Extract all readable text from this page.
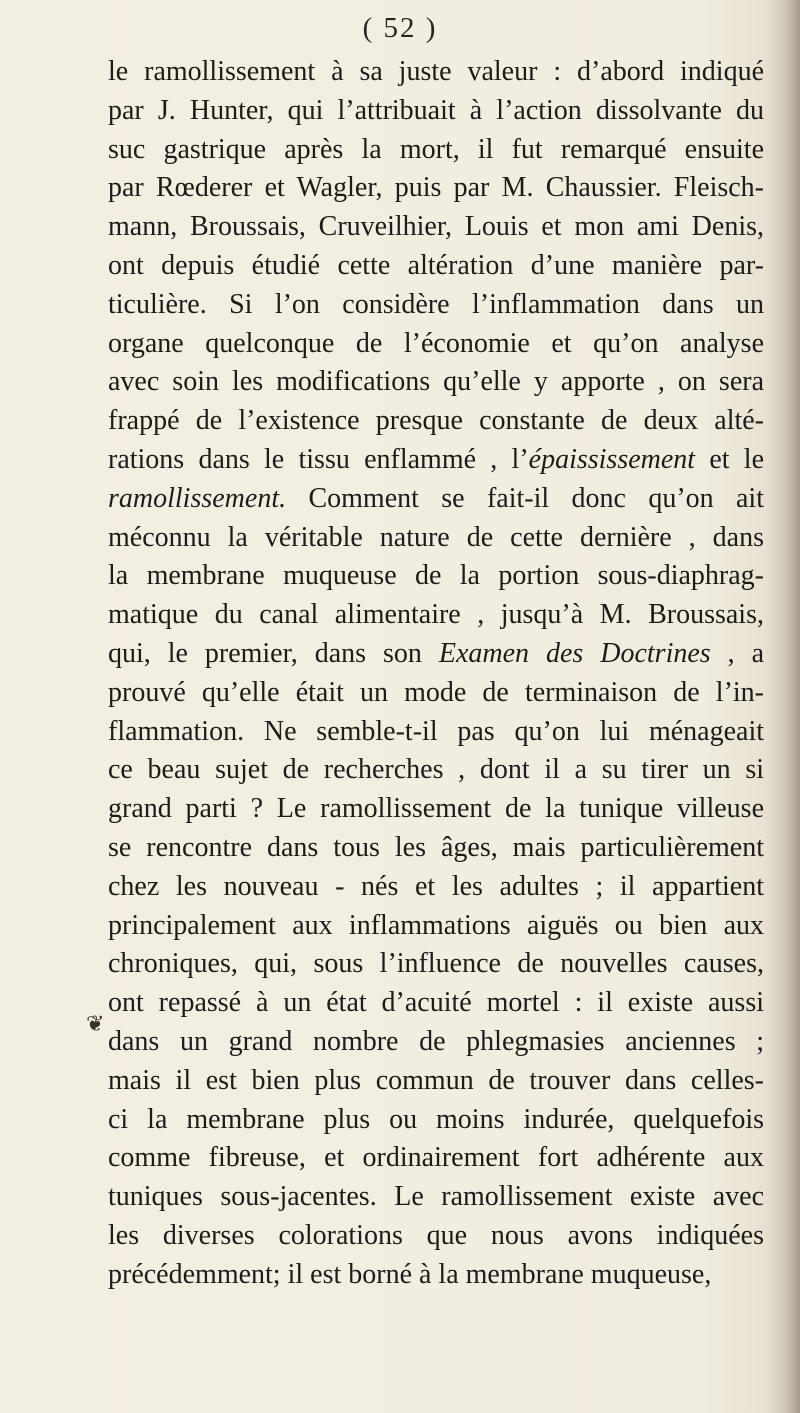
( 52 )
le ramollissement à sa juste valeur : d’abord indiqué
par J. Hunter, qui l’attribuait à l’action dissolvante du
suc gastrique après la mort, il fut remarqué ensuite
par Rœderer et Wagler, puis par M. Chaussier. Fleisch-
mann, Broussais, Cruveilhier, Louis et mon ami Denis,
ont depuis étudié cette altération d’une manière par-
ticulière. Si l’on considère l’inflammation dans un
organe quelconque de l’économie et qu’on analyse
avec soin les modifications qu’elle y apporte , on sera
frappé de l’existence presque constante de deux alté-
rations dans le tissu enflammé , l’épaississement et le
ramollissement. Comment se fait-il donc qu’on ait
méconnu la véritable nature de cette dernière , dans
la membrane muqueuse de la portion sous-diaphrag-
matique du canal alimentaire , jusqu’à M. Broussais,
qui, le premier, dans son Examen des Doctrines , a
prouvé qu’elle était un mode de terminaison de l’in-
flammation. Ne semble-t-il pas qu’on lui ménageait
ce beau sujet de recherches , dont il a su tirer un si
grand parti ? Le ramollissement de la tunique villeuse
se rencontre dans tous les âges, mais particulièrement
chez les nouveau - nés et les adultes ; il appartient
principalement aux inflammations aiguës ou bien aux
chroniques, qui, sous l’influence de nouvelles causes,
ont repassé à un état d’acuité mortel : il existe aussi
dans un grand nombre de phlegmasies anciennes ;
mais il est bien plus commun de trouver dans celles-
ci la membrane plus ou moins indurée, quelquefois
comme fibreuse, et ordinairement fort adhérente aux
tuniques sous-jacentes. Le ramollissement existe avec
les diverses colorations que nous avons indiquées
précédemment; il est borné à la membrane muqueuse,
❦
